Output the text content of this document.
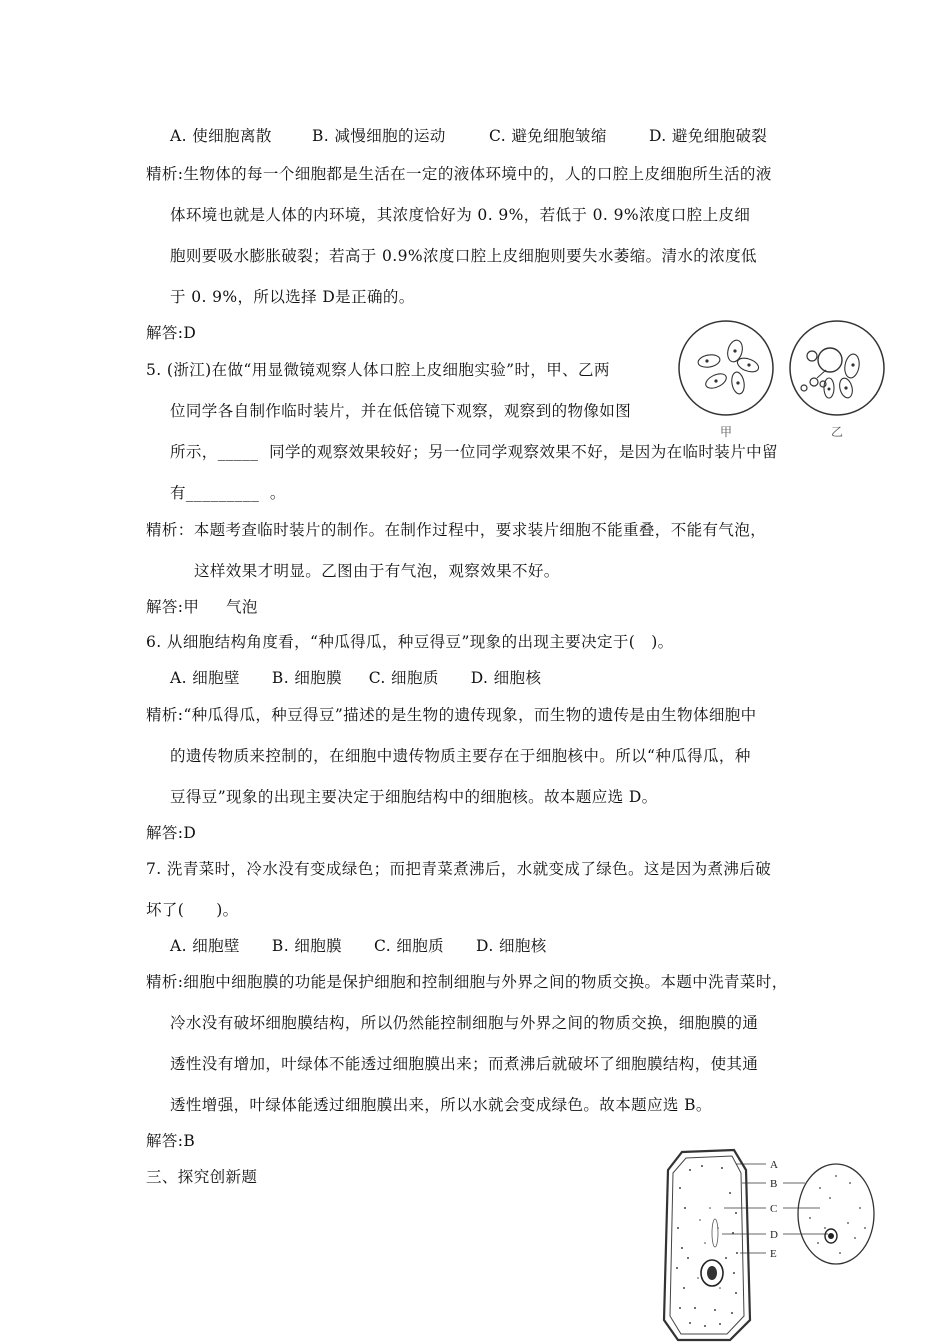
A. 使细胞离散	B. 减慢细胞的运动	C. 避免细胞皱缩	D. 避免细胞破裂
精析:生物体的每一个细胞都是生活在一定的液体环境中的，人的口腔上皮细胞所生活的液
体环境也就是人体的内环境，其浓度恰好为 0. 9%，若低于 0. 9%浓度口腔上皮细
胞则要吸水膨胀破裂；若高于 0.9%浓度口腔上皮细胞则要失水萎缩。清水的浓度低
于 0. 9%，所以选择 D是正确的。
解答:D
5. (浙江)在做“用显微镜观察人体口腔上皮细胞实验”时，甲、乙两
位同学各自制作临时装片，并在低倍镜下观察，观察到的物像如图
所示，_____  同学的观察效果较好；另一位同学观察效果不好，是因为在临时装片中留
有_________  。
甲	乙
精析：本题考查临时装片的制作。在制作过程中，要求装片细胞不能重叠，不能有气泡，
这样效果才明显。乙图由于有气泡，观察效果不好。
解答:甲     气泡
6. 从细胞结构角度看，“种瓜得瓜，种豆得豆”现象的出现主要决定于(   )。
A. 细胞壁      B. 细胞膜     C. 细胞质      D. 细胞核
精析:“种瓜得瓜，种豆得豆”描述的是生物的遗传现象，而生物的遗传是由生物体细胞中
的遗传物质来控制的，在细胞中遗传物质主要存在于细胞核中。所以“种瓜得瓜，种
豆得豆”现象的出现主要决定于细胞结构中的细胞核。故本题应选 D。
解答:D
7. 洗青菜时，冷水没有变成绿色；而把青菜煮沸后，水就变成了绿色。这是因为煮沸后破
坏了(      )。
A. 细胞壁      B. 细胞膜      C. 细胞质      D. 细胞核
精析:细胞中细胞膜的功能是保护细胞和控制细胞与外界之间的物质交换。本题中洗青菜时，
冷水没有破坏细胞膜结构，所以仍然能控制细胞与外界之间的物质交换，细胞膜的通
透性没有增加，叶绿体不能透过细胞膜出来；而煮沸后就破坏了细胞膜结构，使其通
透性增强，叶绿体能透过细胞膜出来，所以水就会变成绿色。故本题应选 B。
解答:B
三、探究创新题
A
B
C
D
E
